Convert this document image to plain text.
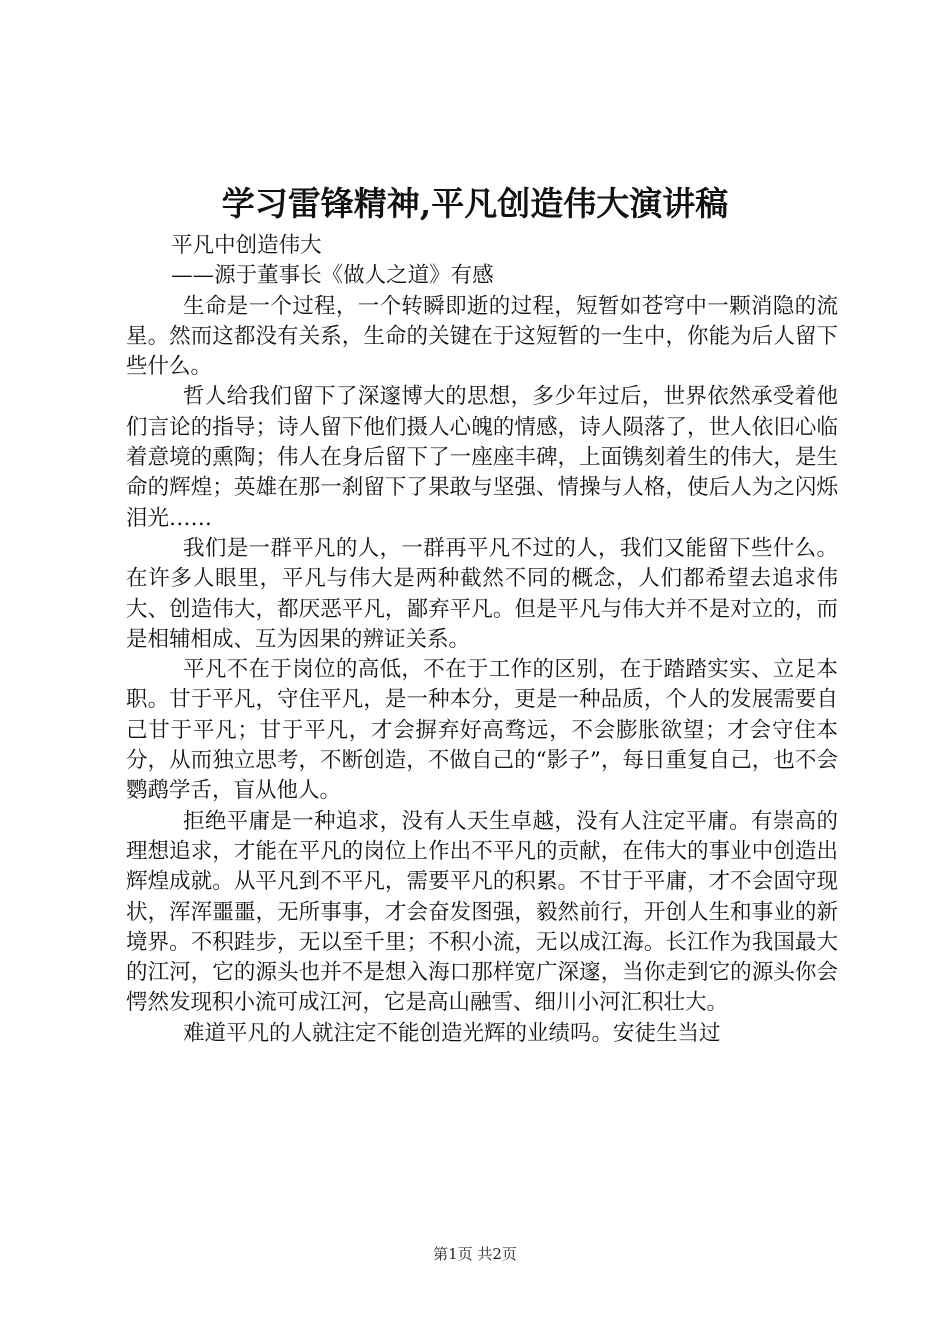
学习雷锋精神,平凡创造伟大演讲稿

平凡中创造伟大

——源于董事长《做人之道》有感

生命是一个过程，一个转瞬即逝的过程，短暂如苍穹中一颗消隐的流星。然而这都没有关系，生命的关键在于这短暂的一生中，你能为后人留下些什么。

哲人给我们留下了深邃博大的思想，多少年过后，世界依然承受着他们言论的指导；诗人留下他们摄人心魄的情感，诗人陨落了，世人依旧心临着意境的熏陶；伟人在身后留下了一座座丰碑，上面镌刻着生的伟大，是生命的辉煌；英雄在那一刹留下了果敢与坚强、情操与人格，使后人为之闪烁泪光……

我们是一群平凡的人，一群再平凡不过的人，我们又能留下些什么。在许多人眼里，平凡与伟大是两种截然不同的概念，人们都希望去追求伟大、创造伟大，都厌恶平凡，鄙弃平凡。但是平凡与伟大并不是对立的，而是相辅相成、互为因果的辨证关系。

平凡不在于岗位的高低，不在于工作的区别，在于踏踏实实、立足本职。甘于平凡，守住平凡，是一种本分，更是一种品质，个人的发展需要自己甘于平凡；甘于平凡，才会摒弃好高骛远，不会膨胀欲望；才会守住本分，从而独立思考，不断创造，不做自己的“影子”，每日重复自己，也不会鹦鹉学舌，盲从他人。

拒绝平庸是一种追求，没有人天生卓越，没有人注定平庸。有崇高的理想追求，才能在平凡的岗位上作出不平凡的贡献，在伟大的事业中创造出辉煌成就。从平凡到不平凡，需要平凡的积累。不甘于平庸，才不会固守现状，浑浑噩噩，无所事事，才会奋发图强，毅然前行，开创人生和事业的新境界。不积跬步，无以至千里；不积小流，无以成江海。长江作为我国最大的江河，它的源头也并不是想入海口那样宽广深邃，当你走到它的源头你会愕然发现积小流可成江河，它是高山融雪、细川小河汇积壮大。

难道平凡的人就注定不能创造光辉的业绩吗。安徒生当过

第1页 共2页
